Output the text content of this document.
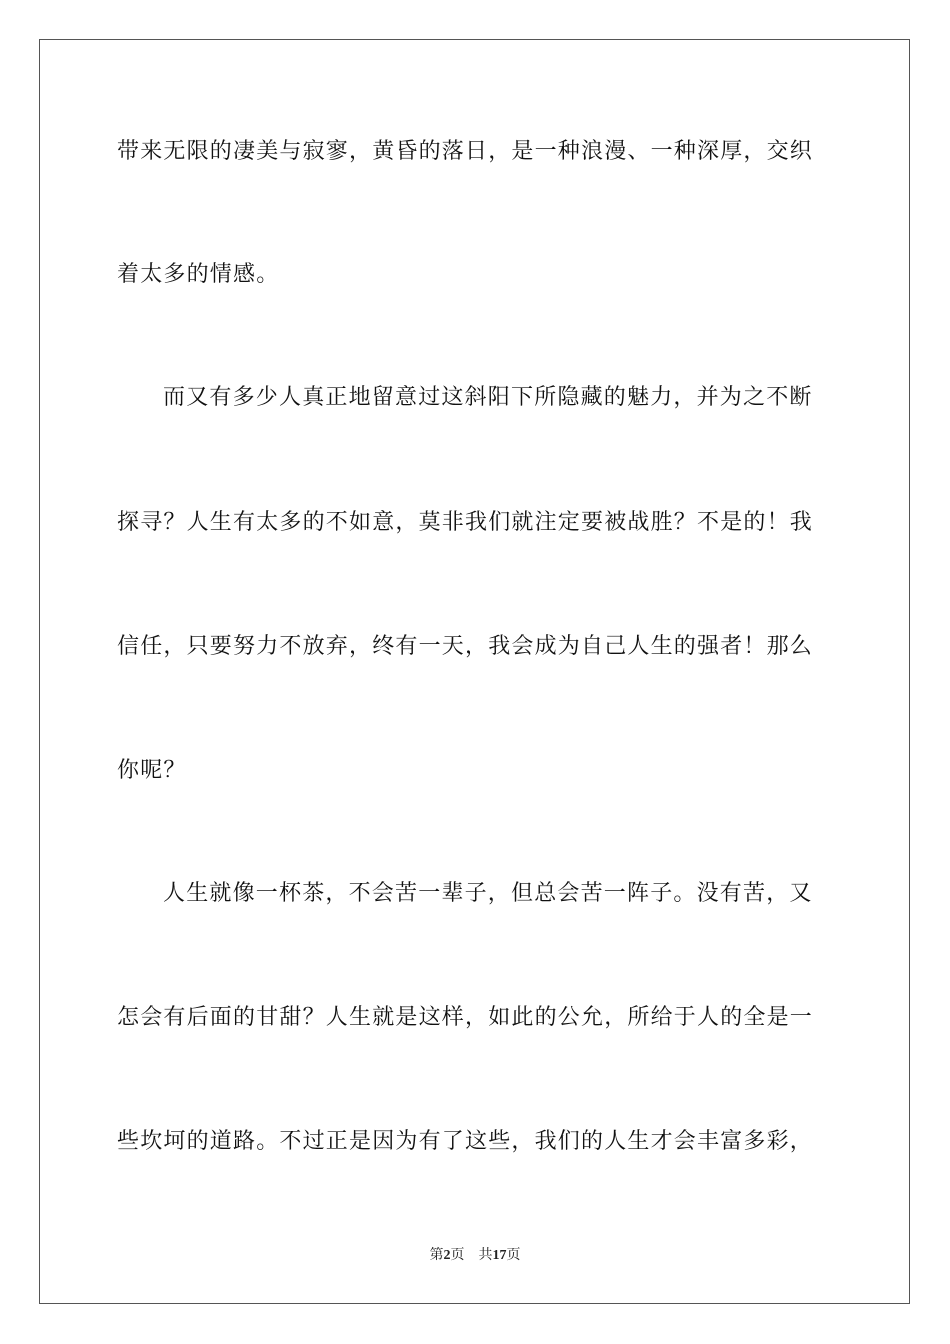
带来无限的凄美与寂寥，黄昏的落日，是一种浪漫、一种深厚，交织
着太多的情感。
而又有多少人真正地留意过这斜阳下所隐藏的魅力，并为之不断
探寻？人生有太多的不如意，莫非我们就注定要被战胜？不是的！我
信任，只要努力不放弃，终有一天，我会成为自己人生的强者！那么
你呢？
人生就像一杯茶，不会苦一辈子，但总会苦一阵子。没有苦，又
怎会有后面的甘甜？人生就是这样，如此的公允，所给于人的全是一
些坎坷的道路。不过正是因为有了这些，我们的人生才会丰富多彩，
第2页 共17页
